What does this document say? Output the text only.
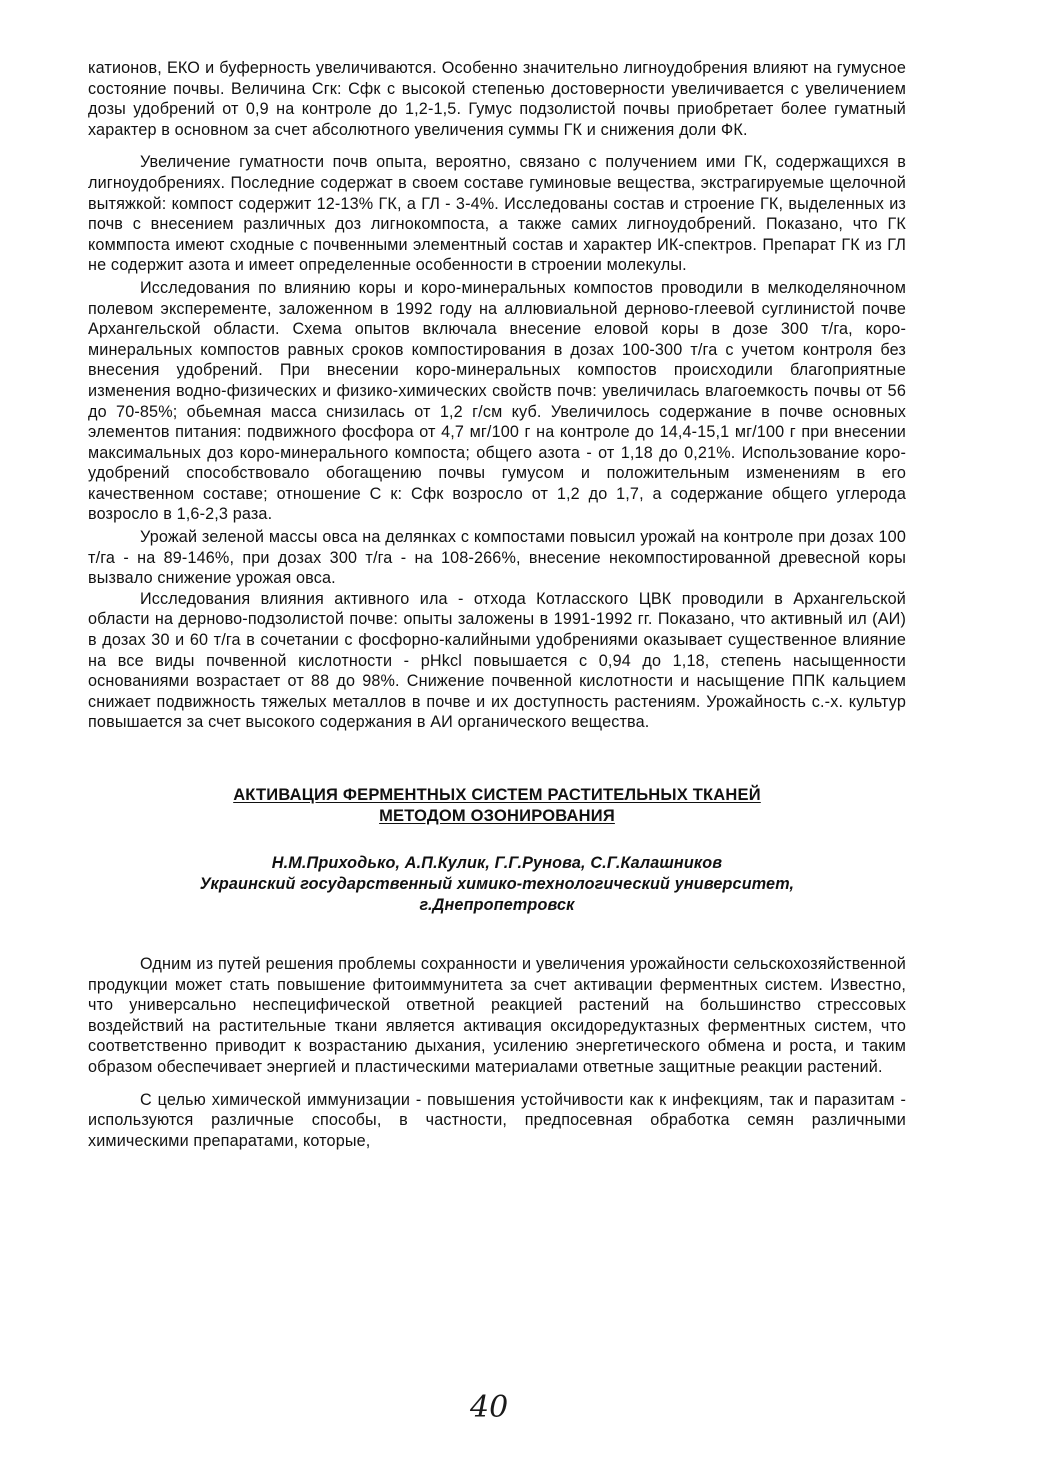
катионов, ЕКО и буферность увеличиваются. Особенно значительно лигноудобрения влияют на гумусное состояние почвы. Величина Сгк: Сфк с высокой степенью достоверности увеличивается с увеличением дозы удобрений от 0,9 на контроле до 1,2-1,5. Гумус подзолистой почвы приобретает более гуматный характер в основном за счет абсолютного увеличения суммы ГК и снижения доли ФК.

Увеличение гуматности почв опыта, вероятно, связано с получением ими ГК, содержащихся в лигноудобрениях. Последние содержат в своем составе гуминовые вещества, экстрагируемые щелочной вытяжкой: компост содержит 12-13% ГК, а ГЛ - 3-4%. Исследованы состав и строение ГК, выделенных из почв с внесением различных доз лигнокомпоста, а также самих лигноудобрений. Показано, что ГК коммпоста имеют сходные с почвенными элементный состав и характер ИК-спектров. Препарат ГК из ГЛ не содержит азота и имеет определенные особенности в строении молекулы.

Исследования по влиянию коры и коро-минеральных компостов проводили в мелкоделяночном полевом эксперементе, заложенном в 1992 году на аллювиальной дерново-глеевой суглинистой почве Архангельской области. Схема опытов включала внесение еловой коры в дозе 300 т/га, коро-минеральных компостов равных сроков компостирования в дозах 100-300 т/га с учетом контроля без внесения удобрений. При внесении коро-минеральных компостов происходили благоприятные изменения водно-физических и физико-химических свойств почв: увеличилась влагоемкость почвы от 56 до 70-85%; обьемная масса снизилась от 1,2 г/см куб. Увеличилось содержание в почве основных элементов питания: подвижного фосфора от 4,7 мг/100 г на контроле до 14,4-15,1 мг/100 г при внесении максимальных доз коро-минерального компоста; общего азота - от 1,18 до 0,21%. Использование коро-удобрений способствовало обогащению почвы гумусом и положительным изменениям в его качественном составе; отношение С к: Сфк возросло от 1,2 до 1,7, а содержание общего углерода возросло в 1,6-2,3 раза.

Урожай зеленой массы овса на делянках с компостами повысил урожай на контроле при дозах 100 т/га - на 89-146%, при дозах 300 т/га - на 108-266%, внесение некомпостированной древесной коры вызвало снижение урожая овса.

Исследования влияния активного ила - отхода Котласского ЦВК проводили в Архангельской области на дерново-подзолистой почве: опыты заложены в 1991-1992 гг. Показано, что активный ил (АИ) в дозах 30 и 60 т/га в сочетании с фосфорно-калийными удобрениями оказывает существенное влияние на все виды почвенной кислотности - pHkcl повышается с 0,94 до 1,18, степень насыщенности основаниями возрастает от 88 до 98%. Снижение почвенной кислотности и насыщение ППК кальцием снижает подвижность тяжелых металлов в почве и их доступность растениям. Урожайность с.-х. культур повышается за счет высокого содержания в АИ органического вещества.

АКТИВАЦИЯ ФЕРМЕНТНЫХ СИСТЕМ РАСТИТЕЛЬНЫХ ТКАНЕЙ
МЕТОДОМ ОЗОНИРОВАНИЯ
Н.М.Приходько, А.П.Кулик, Г.Г.Рунова, С.Г.Калашников
Украинский государственный химико-технологический университет,
г.Днепропетровск

Одним из путей решения проблемы сохранности и увеличения урожайности сельскохозяйственной продукции может стать повышение фитоиммунитета за счет активации ферментных систем. Известно, что универсально неспецифической ответной реакцией растений на большинство стрессовых воздействий на растительные ткани является активация оксидоредуктазных ферментных систем, что соответственно приводит к возрастанию дыхания, усилению энергетического обмена и роста, и таким образом обеспечивает энергией и пластическими материалами ответные защитные реакции растений.

С целью химической иммунизации - повышения устойчивости как к инфекциям, так и паразитам - используются различные способы, в частности, предпосевная обработка семян различными химическими препаратами, которые,

40
